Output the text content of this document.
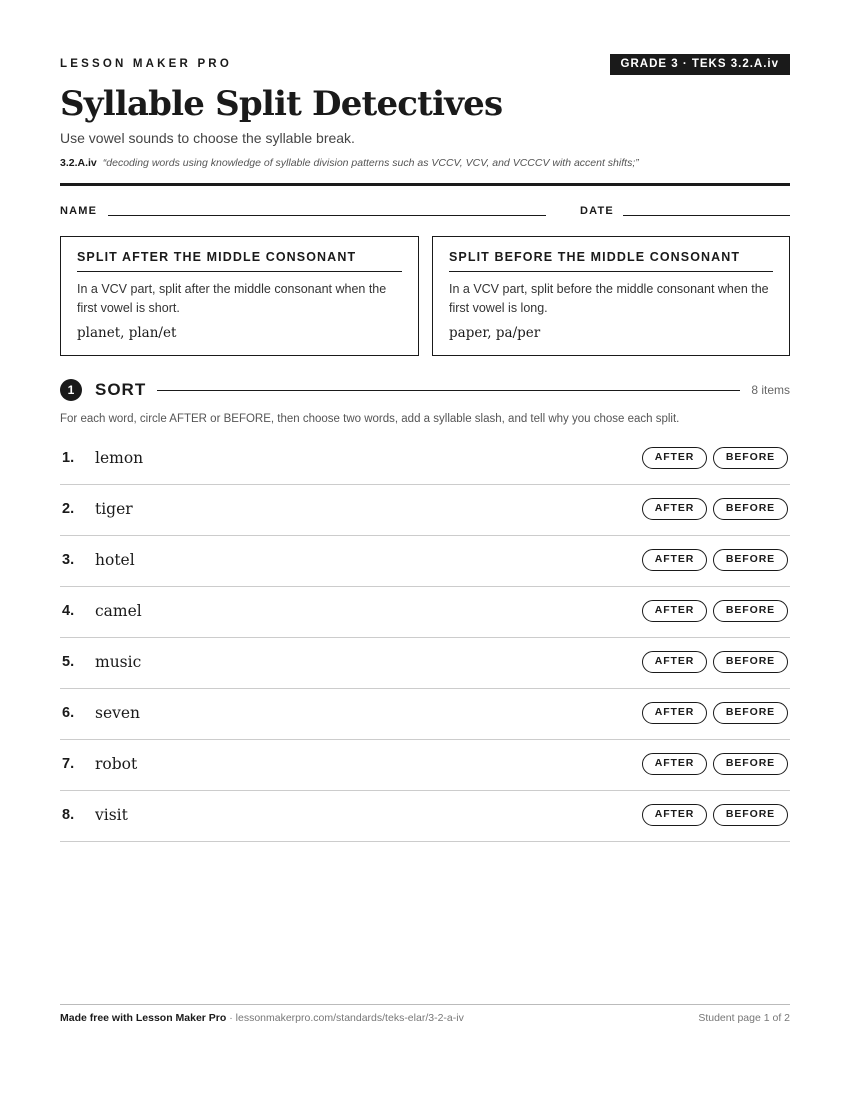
LESSON MAKER PRO	GRADE 3 · TEKS 3.2.A.iv
Syllable Split Detectives
Use vowel sounds to choose the syllable break.
3.2.A.iv “decoding words using knowledge of syllable division patterns such as VCCV, VCV, and VCCCV with accent shifts;”
NAME	DATE
SPLIT AFTER THE MIDDLE CONSONANT
In a VCV part, split after the middle consonant when the first vowel is short.
planet, plan/et
SPLIT BEFORE THE MIDDLE CONSONANT
In a VCV part, split before the middle consonant when the first vowel is long.
paper, pa/per
1	SORT	8 items
For each word, circle AFTER or BEFORE, then choose two words, add a syllable slash, and tell why you chose each split.
1. lemon	AFTER	BEFORE
2. tiger	AFTER	BEFORE
3. hotel	AFTER	BEFORE
4. camel	AFTER	BEFORE
5. music	AFTER	BEFORE
6. seven	AFTER	BEFORE
7. robot	AFTER	BEFORE
8. visit	AFTER	BEFORE
Made free with Lesson Maker Pro · lessonmakerpro.com/standards/teks-elar/3-2-a-iv	Student page 1 of 2
